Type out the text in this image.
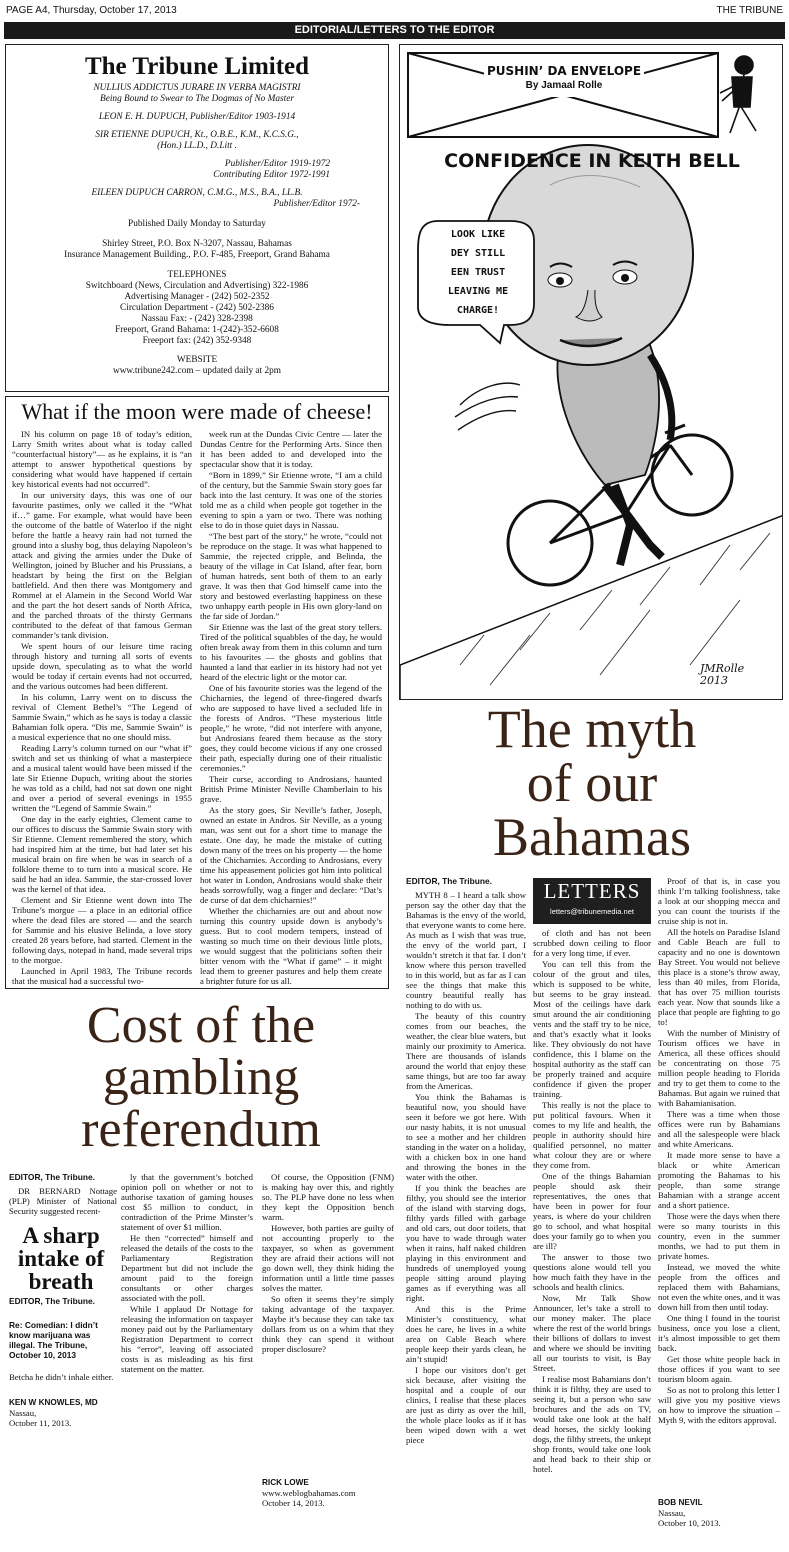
PAGE A4, Thursday, October 17, 2013	THE TRIBUNE
EDITORIAL/LETTERS TO THE EDITOR
The Tribune Limited
NULLIUS ADDICTUS JURARE IN VERBA MAGISTRI
Being Bound to Swear to The Dogmas of No Master
LEON E. H. DUPUCH, Publisher/Editor 1903-1914
SIR ETIENNE DUPUCH, Kt., O.B.E., K.M., K.C.S.G.,
(Hon.) LL.D., D.Litt .
Publisher/Editor 1919-1972
Contributing Editor 1972-1991
EILEEN DUPUCH CARRON, C.M.G., M.S., B.A., LL.B.
Publisher/Editor 1972-
Published Daily Monday to Saturday
Shirley Street, P.O. Box N-3207, Nassau, Bahamas
Insurance Management Building., P.O. F-485, Freeport, Grand Bahama
TELEPHONES
Switchboard (News, Circulation and Advertising) 322-1986
Advertising Manager - (242) 502-2352
Circulation Department - (242) 502-2386
Nassau Fax: - (242) 328-2398
Freeport, Grand Bahama: 1-(242)-352-6608
Freeport fax: (242) 352-9348
WEBSITE
www.tribune242.com – updated daily at 2pm
What if the moon were made of cheese!

IN his column on page 18 of today’s edition, Larry Smith writes about what is today called “counterfactual history”— as he explains, it is “an attempt to answer hypothetical questions by considering what would have happened if certain key historical events had not occurred”.

In our university days, this was one of our favourite pastimes, only we called it the “What if…” game. For example, what would have been the outcome of the battle of Waterloo if the night before the battle a heavy rain had not turned the ground into a slushy bog, thus delaying Napoleon’s attack and giving the armies under the Duke of Wellington, joined by Blucher and his Prussians, a headstart by being the first on the Belgian battlefield. And then there was Montgomery and Rommel at el Alamein in the Second World War and the part the hot desert sands of North Africa, and the parched throats of the thirsty Germans contributed to the defeat of that famous German commander’s tank division.

We spent hours of our leisure time racing through history and turning all sorts of events upside down, speculating as to what the world would be today if certain events had not occurred, and the various outcomes had been different.

In his column, Larry went on to discuss the revival of Clement Bethel’s “The Legend of Sammie Swain,” which as he says is today a classic Bahamian folk opera. “Dis me, Sammie Swain” is a musical experience that no one should miss.

Reading Larry’s column turned on our “what if” switch and set us thinking of what a masterpiece and a musical talent would have been missed if the late Sir Etienne Dupuch, writing about the stories he was told as a child, had not sat down one night and over a period of several evenings in 1955 written the “Legend of Sammie Swain.”

One day in the early eighties, Clement came to our offices to discuss the Sammie Swain story with Sir Etienne. Clement remembered the story, which had inspired him at the time, but had later set his musical brain on fire when he was in search of a folklore theme to to turn into a musical score. He said he had an idea. Sammie, the star-crossed lover was the kernel of that idea.

Clement and Sir Etienne went down into The Tribune’s morgue — a place in an editorial office where the dead files are stored — and the search for Sammie and his elusive Belinda, a love story created 28 years before, had started. Clement in the following days, notepad in hand, made several trips to the morgue.

Launched in April 1983, The Tribune records that the musical had a successful two-

week run at the Dundas Civic Centre — later the Dundas Centre for the Performing Arts. Since then it has been added to and developed into the spectacular show that it is today.

“Born in 1899,” Sir Etienne wrote, “I am a child of the century, but the Sammie Swain story goes far back into the last century. It was one of the stories told me as a child when people got together in the evening to spin a yarn or two. There was nothing else to do in those quiet days in Nassau.

“The best part of the story,” he wrote, “could not be reproduce on the stage. It was what happened to Sammie, the rejected cripple, and Belinda, the beauty of the village in Cat Island, after fear, born of human hatreds, sent both of them to an early grave. It was then that God himself came into the story and bestowed everlasting happiness on these two unhappy earth people in His own glory-land on the far side of Jordan.”

Sir Etienne was the last of the great story tellers. Tired of the political squabbles of the day, he would often break away from them in this column and turn to his favourites — the ghosts and goblins that haunted a land that earlier in its history had not yet heard of the electric light or the motor car.

One of his favourite stories was the legend of the Chicharnies, the legend of three-fingered dwarfs who are supposed to have lived a secluded life in the forests of Andros. “These mysterious little people,” he wrote, “did not interfere with anyone, but Androsians feared them because as the story goes, they could become vicious if any one crossed their path, especially during one of their ritualistic ceremonies.”

Their curse, according to Androsians, haunted British Prime Minister Neville Chamberlain to his grave.

As the story goes, Sir Neville’s father, Joseph, owned an estate in Andros. Sir Neville, as a young man, was sent out for a short time to manage the estate. One day, he made the mistake of cutting down many of the trees on his property — the home of the Chicharnies. According to Androsians, every time his appeasement policies got him into political hot water in London, Androsians would shake their heads sorrowfully, wag a finger and declare: “Dat’s de curse of dat dem chicharnies!”

Whether the chicharnies are out and about now turning this country upside down is anybody’s guess. But to cool modern tempers, instead of wasting so much time on their devious little plots, we would suggest that the politicians soften their bitter venom with the “What if game” – it might lead them to greener pastures and help them create a brighter future for us all.

PUSHIN’ DA ENVELOPE
By Jamaal Rolle
CONFIDENCE IN KEITH BELL
LOOK LIKE
DEY STILL
EEN TRUST
LEAVING ME
CHARGE!
JMRolle
2013
The myth
of our
Bahamas
EDITOR, The Tribune.

MYTH 8 – I heard a talk show person say the other day that the Bahamas is the envy of the world, that everyone wants to come here. As much as I wish that was true, the envy of the world part, I wouldn’t stretch it that far. I don’t know where this person travelled to in this world, but as far as I can see the things that make this country beautiful really has nothing to do with us.

The beauty of this country comes from our beaches, the weather, the clear blue waters, but mainly our proximity to America. There are thousands of islands around the world that enjoy these same things, but are too far away from the Americas.

You think the Bahamas is beautiful now, you should have seen it before we got here. With our nasty habits, it is not unusual to see a mother and her children standing in the water on a holiday, with a chicken box in one hand and throwing the bones in the water with the other.

If you think the beaches are filthy, you should see the interior of the island with starving dogs, filthy yards filled with garbage and old cars, out door toilets, that you have to wade through water when it rains, half naked children playing in this environment and hundreds of unemployed young people sitting around playing games as if everything was all right.

And this is the Prime Minister’s constituency, what does he care, he lives in a white area on Cable Beach where people keep their yards clean, he ain’t stupid!

I hope our visitors don’t get sick because, after visiting the hospital and a couple of our clinics, I realise that these places are just as dirty as over the hill, the whole place looks as if it has been wiped down with a wet piece

LETTERS
letters@tribunemedia.net

of cloth and has not been scrubbed down ceiling to floor for a very long time, if ever.

You can tell this from the colour of the grout and tiles, which is supposed to be white, but seems to be gray instead. Most of the ceilings have dark smut around the air conditioning vents and the staff try to be nice, and that’s exactly what it looks like. They obviously do not have confidence, this I blame on the hospital authority as the staff can be properly trained and acquire confidence if given the proper training.

This really is not the place to put political favours. When it comes to my life and health, the people in authority should hire qualified personnel, no matter what colour they are or where they come from.

One of the things Bahamian people should ask their representatives, the ones that have been in power for four years, is where do your children go to school, and what hospital does your family go to when you are ill?

The answer to those two questions alone would tell you how much faith they have in the schools and health clinics.

Now, Mr Talk Show Announcer, let’s take a stroll to our money maker. The place where the rest of the world brings their billions of dollars to invest and where we should be inviting all our tourists to visit, is Bay Street.

I realise most Bahamians don’t think it is filthy, they are used to seeing it, but a person who saw brochures and the ads on TV, would take one look at the half dead horses, the sickly looking dogs, the filthy streets, the unkept shop fronts, would take one look and head back to their ship or hotel.

Proof of that is, in case you think I’m talking foolishness, take a look at our shopping mecca and you can count the tourists if the cruise ship is not in.

All the hotels on Paradise Island and Cable Beach are full to capacity and no one is downtown Bay Street. You would not believe this place is a stone’s throw away, less than 40 miles, from Florida, that has over 75 million tourists each year. Now that sounds like a place that people are fighting to go to!

With the number of Ministry of Tourism offices we have in America, all these offices should be concentrating on those 75 million people heading to Florida and try to get them to come to the Bahamas. But again we ruined that with Bahamianisation.

There was a time when those offices were run by Bahamians and all the salespeople were black and white Americans.

It made more sense to have a black or white American promoting the Bahamas to his people, than some strange Bahamian with a strange accent and a short patience.

Those were the days when there were so many tourists in this country, even in the summer months, we had to put them in private homes.

Instead, we moved the white people from the offices and replaced them with Bahamians, not even the white ones, and it was down hill from then until today.

One thing I found in the tourist business, once you lose a client, it’s almost impossible to get them back.

Get those white people back in those offices if you want to see tourism bloom again.

So as not to prolong this letter I will give you my positive views on how to improve the situation – Myth 9, with the editors approval.

BOB NEVIL
Nassau,
October 10, 2013.
Cost of the
gambling
referendum
EDITOR, The Tribune.

DR BERNARD Nottage (PLP) Minister of National Security suggested recent-

A sharp
intake of
breath
EDITOR, The Tribune.
Re: Comedian: I didn’t know marijuana was illegal. The Tribune, October 10, 2013
Betcha he didn’t inhale either.
KEN W KNOWLES, MD
Nassau,
October 11, 2013.

ly that the government’s botched opinion poll on whether or not to authorise taxation of gaming houses cost $5 million to conduct, in contradiction of the Prime Minster’s statement of over $1 million.

He then “corrected” himself and released the details of the costs to the Parliamentary Registration Department but did not include the amount paid to the foreign consultants or other charges associated with the poll.

While I applaud Dr Nottage for releasing the information on taxpayer money paid out by the Parliamentary Registration Department to correct his “error”, leaving off associated costs is as misleading as his first statement on the matter.

Of course, the Opposition (FNM) is making hay over this, and rightly so. The PLP have done no less when they kept the Opposition bench warm.

However, both parties are guilty of not accounting properly to the taxpayer, so when as government they are afraid their actions will not go down well, they think hiding the information until a little time passes solves the matter.

So often it seems they’re simply taking advantage of the taxpayer. Maybe it’s because they can take tax dollars from us on a whim that they think they can spend it without proper disclosure?

RICK LOWE
www.weblogbahamas.com
October 14, 2013.
